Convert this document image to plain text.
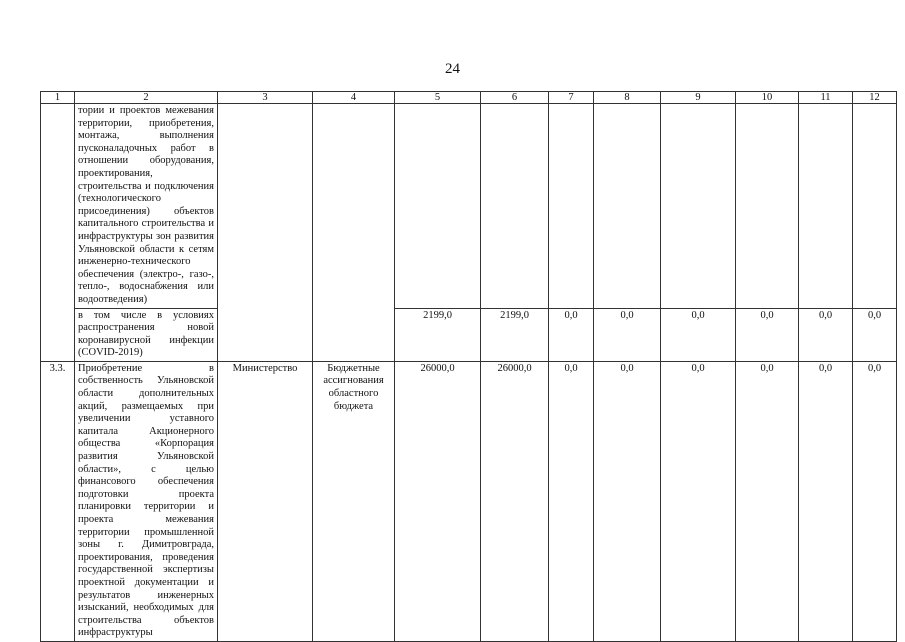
24
1	2	3	4	5	6	7	8	9	10	11	12
	тории и проектов межевания территории, приобретения, монтажа, выполнения пусконаладочных работ в отношении оборудования, проектирования, строительства и подключения (технологического присоединения) объектов капитального строительства и инфраструктуры зон развития Ульяновской области к сетям инженерно-технического обеспечения (электро-, газо-, тепло-, водоснабжения или водоотведения)										
	в том числе в условиях распространения новой коронавирусной инфекции (COVID-2019)			2199,0	2199,0	0,0	0,0	0,0	0,0	0,0	0,0
3.3.	Приобретение в собственность Ульяновской области дополнительных акций, размещаемых при увеличении уставного капитала Акционерного общества «Корпорация развития Ульяновской области», с целью финансового обеспечения подготовки проекта планировки территории и проекта межевания территории промышленной зоны г. Димитровграда, проектирования, проведения государственной экспертизы проектной документации и результатов инженерных изысканий, необходимых для строительства объектов инфраструктуры	Министерство	Бюджетные ассигнования областного бюджета	26000,0	26000,0	0,0	0,0	0,0	0,0	0,0	0,0
